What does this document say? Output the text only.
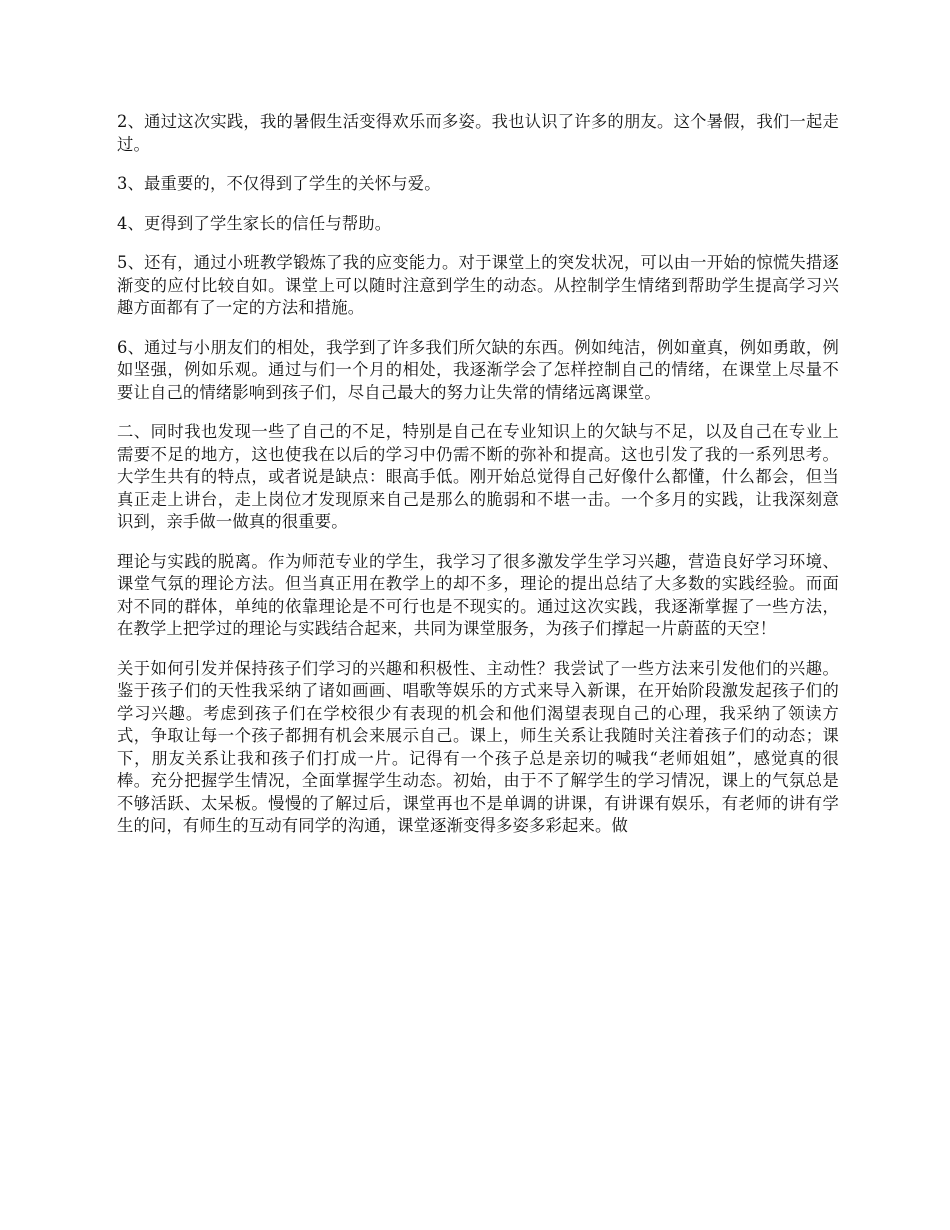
2、通过这次实践，我的暑假生活变得欢乐而多姿。我也认识了许多的朋友。这个暑假，我们一起走过。

3、最重要的，不仅得到了学生的关怀与爱。

4、更得到了学生家长的信任与帮助。

5、还有，通过小班教学锻炼了我的应变能力。对于课堂上的突发状况，可以由一开始的惊慌失措逐渐变的应付比较自如。课堂上可以随时注意到学生的动态。从控制学生情绪到帮助学生提高学习兴趣方面都有了一定的方法和措施。

6、通过与小朋友们的相处，我学到了许多我们所欠缺的东西。例如纯洁，例如童真，例如勇敢，例如坚强，例如乐观。通过与们一个月的相处，我逐渐学会了怎样控制自己的情绪，在课堂上尽量不要让自己的情绪影响到孩子们，尽自己最大的努力让失常的情绪远离课堂。

二、同时我也发现一些了自己的不足，特别是自己在专业知识上的欠缺与不足，以及自己在专业上需要不足的地方，这也使我在以后的学习中仍需不断的弥补和提高。这也引发了我的一系列思考。大学生共有的特点，或者说是缺点：眼高手低。刚开始总觉得自己好像什么都懂，什么都会，但当真正走上讲台，走上岗位才发现原来自己是那么的脆弱和不堪一击。一个多月的实践，让我深刻意识到，亲手做一做真的很重要。

理论与实践的脱离。作为师范专业的学生，我学习了很多激发学生学习兴趣，营造良好学习环境、课堂气氛的理论方法。但当真正用在教学上的却不多，理论的提出总结了大多数的实践经验。而面对不同的群体，单纯的依靠理论是不可行也是不现实的。通过这次实践，我逐渐掌握了一些方法，在教学上把学过的理论与实践结合起来，共同为课堂服务，为孩子们撑起一片蔚蓝的天空！

关于如何引发并保持孩子们学习的兴趣和积极性、主动性？我尝试了一些方法来引发他们的兴趣。鉴于孩子们的天性我采纳了诸如画画、唱歌等娱乐的方式来导入新课，在开始阶段激发起孩子们的学习兴趣。考虑到孩子们在学校很少有表现的机会和他们渴望表现自己的心理，我采纳了领读方式，争取让每一个孩子都拥有机会来展示自己。课上，师生关系让我随时关注着孩子们的动态；课下，朋友关系让我和孩子们打成一片。记得有一个孩子总是亲切的喊我“老师姐姐”，感觉真的很棒。充分把握学生情况，全面掌握学生动态。初始，由于不了解学生的学习情况，课上的气氛总是不够活跃、太呆板。慢慢的了解过后，课堂再也不是单调的讲课，有讲课有娱乐，有老师的讲有学生的问，有师生的互动有同学的沟通，课堂逐渐变得多姿多彩起来。做
